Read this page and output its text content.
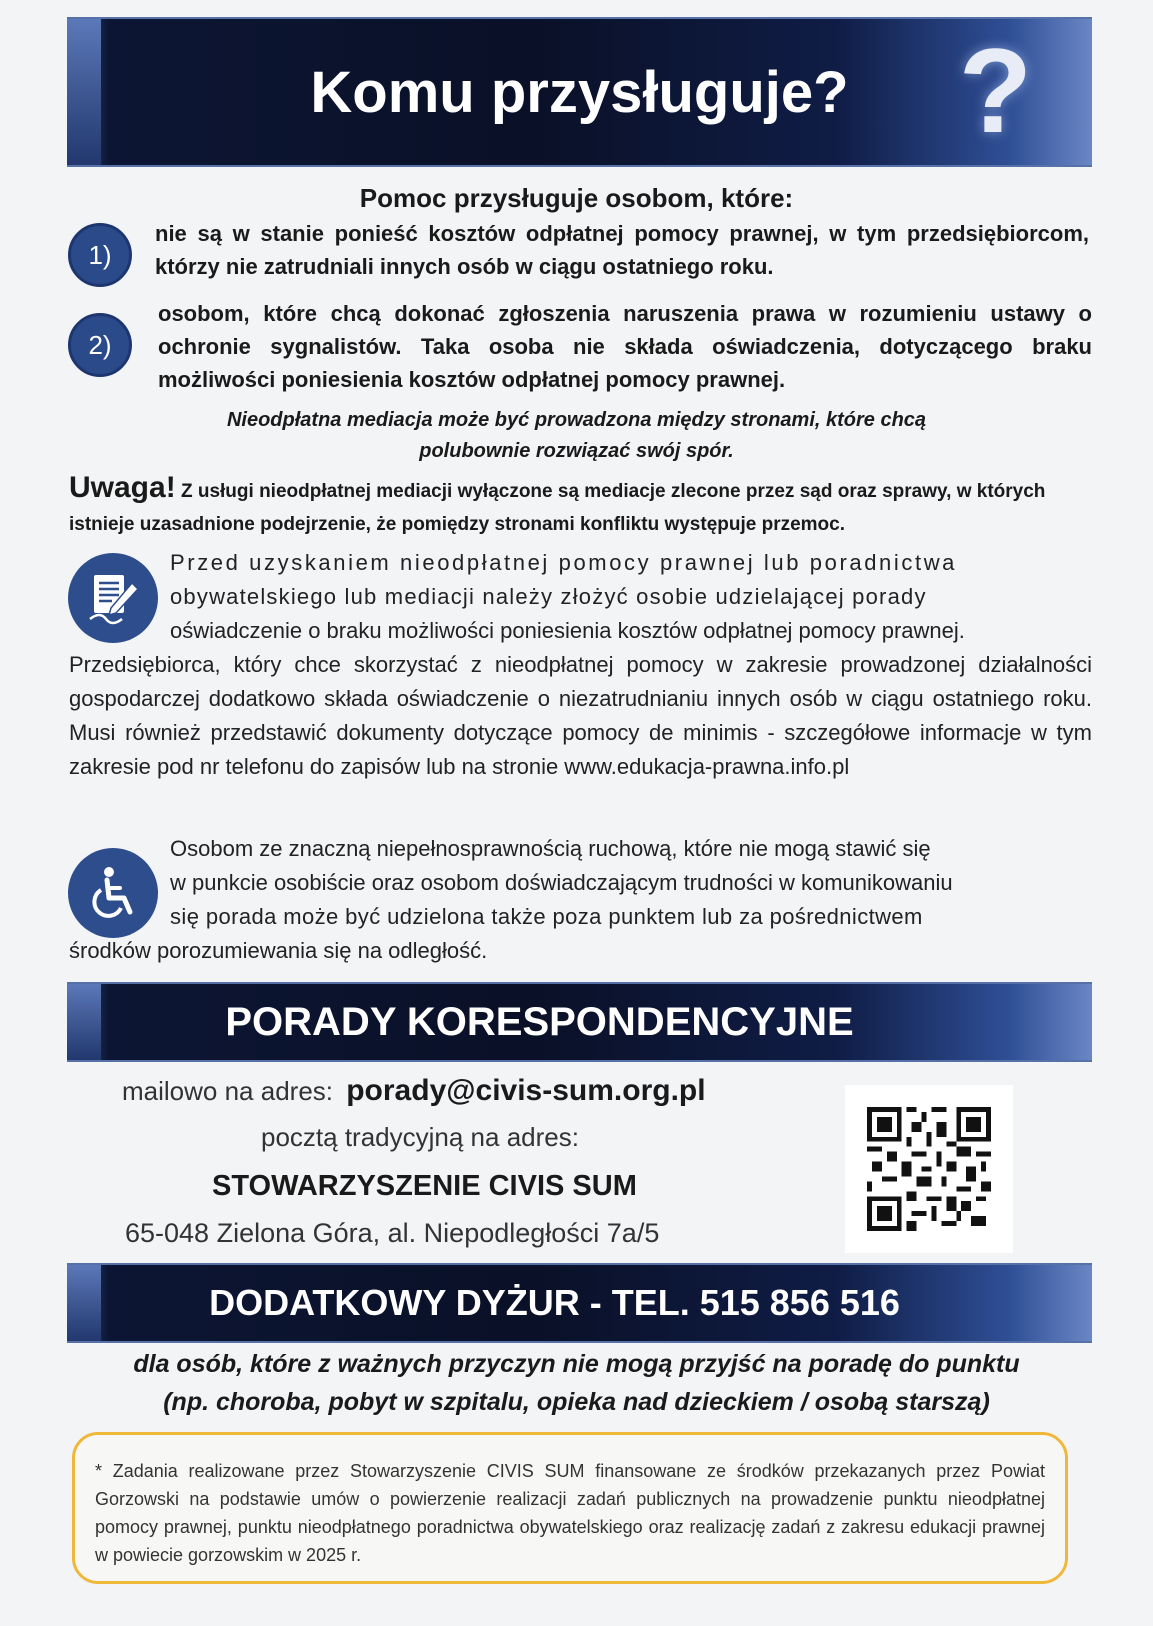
Komu przysługuje? ?
Pomoc przysługuje osobom, które:
1)
nie są w stanie ponieść kosztów odpłatnej pomocy prawnej, w tym przedsiębiorcom, którzy nie zatrudniali innych osób w ciągu ostatniego roku.
2)
osobom, które chcą dokonać zgłoszenia naruszenia prawa w rozumieniu ustawy o ochronie sygnalistów. Taka osoba nie składa oświadczenia, dotyczącego braku możliwości poniesienia kosztów odpłatnej pomocy prawnej.
Nieodpłatna mediacja może być prowadzona między stronami, które chcą
polubownie rozwiązać swój spór.
Uwaga! Z usługi nieodpłatnej mediacji wyłączone są mediacje zlecone przez sąd oraz sprawy, w których istnieje uzasadnione podejrzenie, że pomiędzy stronami konfliktu występuje przemoc.
Przed uzyskaniem nieodpłatnej pomocy prawnej lub poradnictwa
obywatelskiego lub mediacji należy złożyć osobie udzielającej porady
oświadczenie o braku możliwości poniesienia kosztów odpłatnej pomocy prawnej.
Przedsiębiorca, który chce skorzystać z nieodpłatnej pomocy w zakresie prowadzonej działalności gospodarczej dodatkowo składa oświadczenie o niezatrudnianiu innych osób w ciągu ostatniego roku. Musi również przedstawić dokumenty dotyczące pomocy de minimis - szczegółowe informacje w tym zakresie pod nr telefonu do zapisów lub na stronie www.edukacja-prawna.info.pl
Osobom ze znaczną niepełnosprawnością ruchową, które nie mogą stawić się
w punkcie osobiście oraz osobom doświadczającym trudności w komunikowaniu
się porada może być udzielona także poza punktem lub za pośrednictwem
środków porozumiewania się na odległość.
PORADY KORESPONDENCYJNE
mailowo na adres: porady@civis-sum.org.pl
pocztą tradycyjną na adres:
STOWARZYSZENIE CIVIS SUM
65-048 Zielona Góra, al. Niepodległości 7a/5
DODATKOWY DYŻUR - TEL. 515 856 516
dla osób, które z ważnych przyczyn nie mogą przyjść na poradę do punktu
(np. choroba, pobyt w szpitalu, opieka nad dzieckiem / osobą starszą)

* Zadania realizowane przez Stowarzyszenie CIVIS SUM finansowane ze środków przekazanych przez Powiat Gorzowski na podstawie umów o powierzenie realizacji zadań publicznych na prowadzenie punktu nieodpłatnej pomocy prawnej, punktu nieodpłatnego poradnictwa obywatelskiego oraz realizację zadań z zakresu edukacji prawnej w powiecie gorzowskim w 2025 r.
